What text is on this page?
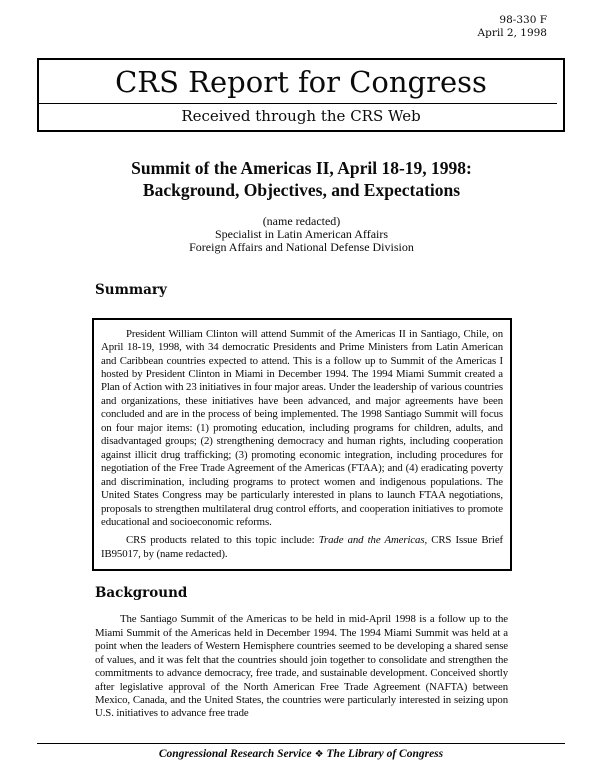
98-330 F
April 2, 1998
CRS Report for Congress
Received through the CRS Web
Summit of the Americas II, April 18-19, 1998:
Background, Objectives, and Expectations
(name redacted)
Specialist in Latin American Affairs
Foreign Affairs and National Defense Division
Summary

President William Clinton will attend Summit of the Americas II in Santiago, Chile, on April 18-19, 1998, with 34 democratic Presidents and Prime Ministers from Latin American and Caribbean countries expected to attend. This is a follow up to Summit of the Americas I hosted by President Clinton in Miami in December 1994. The 1994 Miami Summit created a Plan of Action with 23 initiatives in four major areas. Under the leadership of various countries and organizations, these initiatives have been advanced, and major agreements have been concluded and are in the process of being implemented. The 1998 Santiago Summit will focus on four major items: (1) promoting education, including programs for children, adults, and disadvantaged groups; (2) strengthening democracy and human rights, including cooperation against illicit drug trafficking; (3) promoting economic integration, including procedures for negotiation of the Free Trade Agreement of the Americas (FTAA); and (4) eradicating poverty and discrimination, including programs to protect women and indigenous populations. The United States Congress may be particularly interested in plans to launch FTAA negotiations, proposals to strengthen multilateral drug control efforts, and cooperation initiatives to promote educational and socioeconomic reforms.

CRS products related to this topic include: Trade and the Americas, CRS Issue Brief IB95017, by (name redacted).

Background

The Santiago Summit of the Americas to be held in mid-April 1998 is a follow up to the Miami Summit of the Americas held in December 1994. The 1994 Miami Summit was held at a point when the leaders of Western Hemisphere countries seemed to be developing a shared sense of values, and it was felt that the countries should join together to consolidate and strengthen the commitments to advance democracy, free trade, and sustainable development. Conceived shortly after legislative approval of the North American Free Trade Agreement (NAFTA) between Mexico, Canada, and the United States, the countries were particularly interested in seizing upon U.S. initiatives to advance free trade

Congressional Research Service ❖ The Library of Congress
